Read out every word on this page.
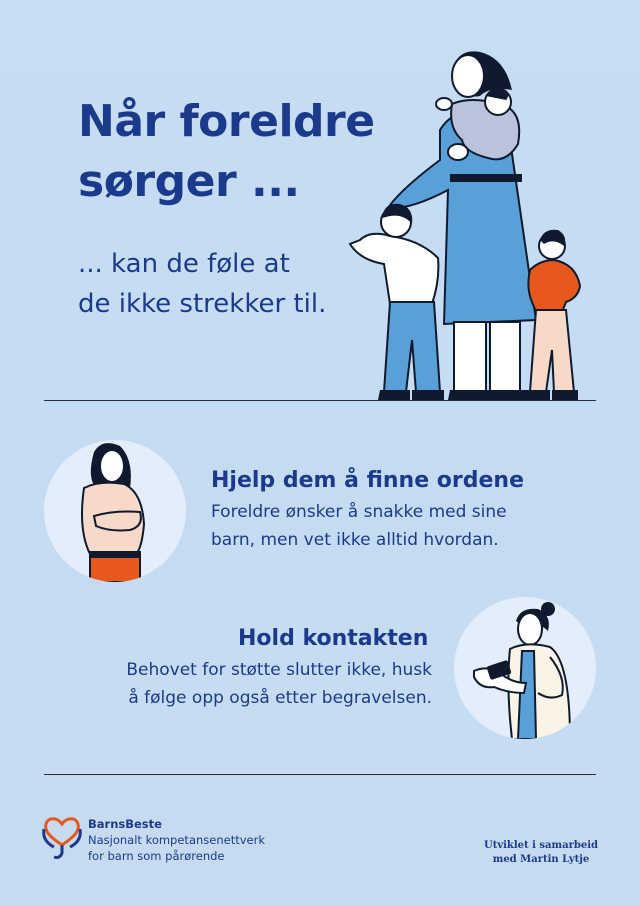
Når foreldre
sørger ...

... kan de føle at
de ikke strekker til.

Hjelp dem å finne ordene

Foreldre ønsker å snakke med sine
barn, men vet ikke alltid hvordan.

Hold kontakten

Behovet for støtte slutter ikke, husk
å følge opp også etter begravelsen.

BarnsBeste
Nasjonalt kompetansenettverk
for barn som pårørende
Utviklet i samarbeid
med Martin Lytje
